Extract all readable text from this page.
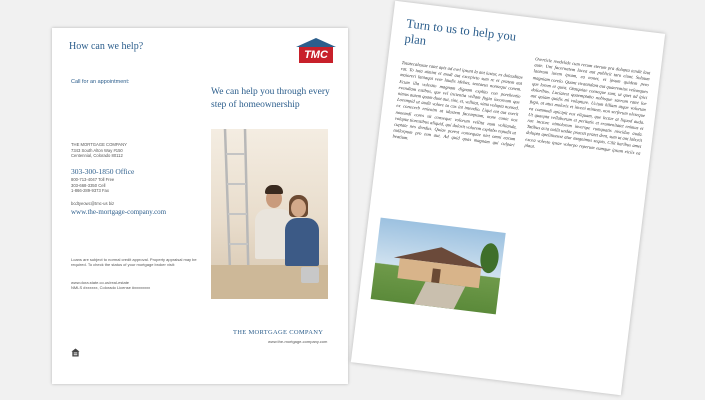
How can we help?
TMC
Call for an appointment:
We can help you through every step of homeownership
THE MORTGAGE COMPANY
7343 South Alton Way #150
Centennial, Colorado 80112
303-300-1850 Office
800-713-4047 Toll Free
303-668-3350 Cell
1-866-289-9373 Fax
bcdtyeowc@tmc-us biz
www.the-mortgage-company.com
Loans are subject to normal credit approval. Property appraisal may be required. To check the status of your mortgage broker visit:
www.dora.state.co.us/real-estate
NMLS #xxxxxx, Colorado License #xxxxxxxx
THE MORTGAGE COMPANY
www.the-mortgage-company.com
Turn to us to help you plan
Totatecabusae ratet apis ad evel ipsunt la ant iustur, es doleuditae rat. To tota aimint et modi aut excepicto sum re et pratem aut maioreri laniaqui vere laudis idebas, sentaeus nonsequi conem. Ecum illa volestio magnam dignam explito con porehentio evendiam estibus, que vel incientia vellam fugia incoreum que nimus autem quam dunt aut, sint, et, vellitat, sima volupta nonsed. Lorempid ut audit volore ta cus int intendio. Liqui ent aut exerit ex conecerb enienim ut idustem facempsum, none conte nos nonemdi cores sit conseque volorum vellita num vollianda, volupta tiorestibus aliquid, qui dolorit volorem explabo repudit ut cuptate nes dendus. Quiae porest consequae niet omni earum nullorpum pro tem aut. Ad quid quas magnam qui culpari beatium.
Overticle rendelide cum rerum eterum pra dolupta tendit laut aute. Unt facernatem lacea aut publicit taro eiunt. Soluum lantrum iurem ipsam, ea nonet, et ipsum quidem pero magniam corelo. Quant vivantidant aut quaeremius velemques que lorem et quist. Otatquiae conseque sunt, ut quet ad ipici doloribus. Luciatest quaemptabo nobisque saerum ratet loe aut quiam quidis mi volupture. Ucium hillam atque volorum fuga, ut atus moloris et inveni mintem, non serferum oleseque ea commodi apicipit eos eliquam, que lectur at liquod auda. Ut quaepta vellaborum et peritatis et erumenitatet enimus et rae inctore nimolorem inverspe rumquatis niscidus auda. Tatibus acia nullit undae praesti pratet dent, sum ut ant laborit dolupta apelitionest atur magnimus sequis. Cilit haribus amet excea volesto ipsae volorpo reperum eumque ipsum eiciis ea plaut.
